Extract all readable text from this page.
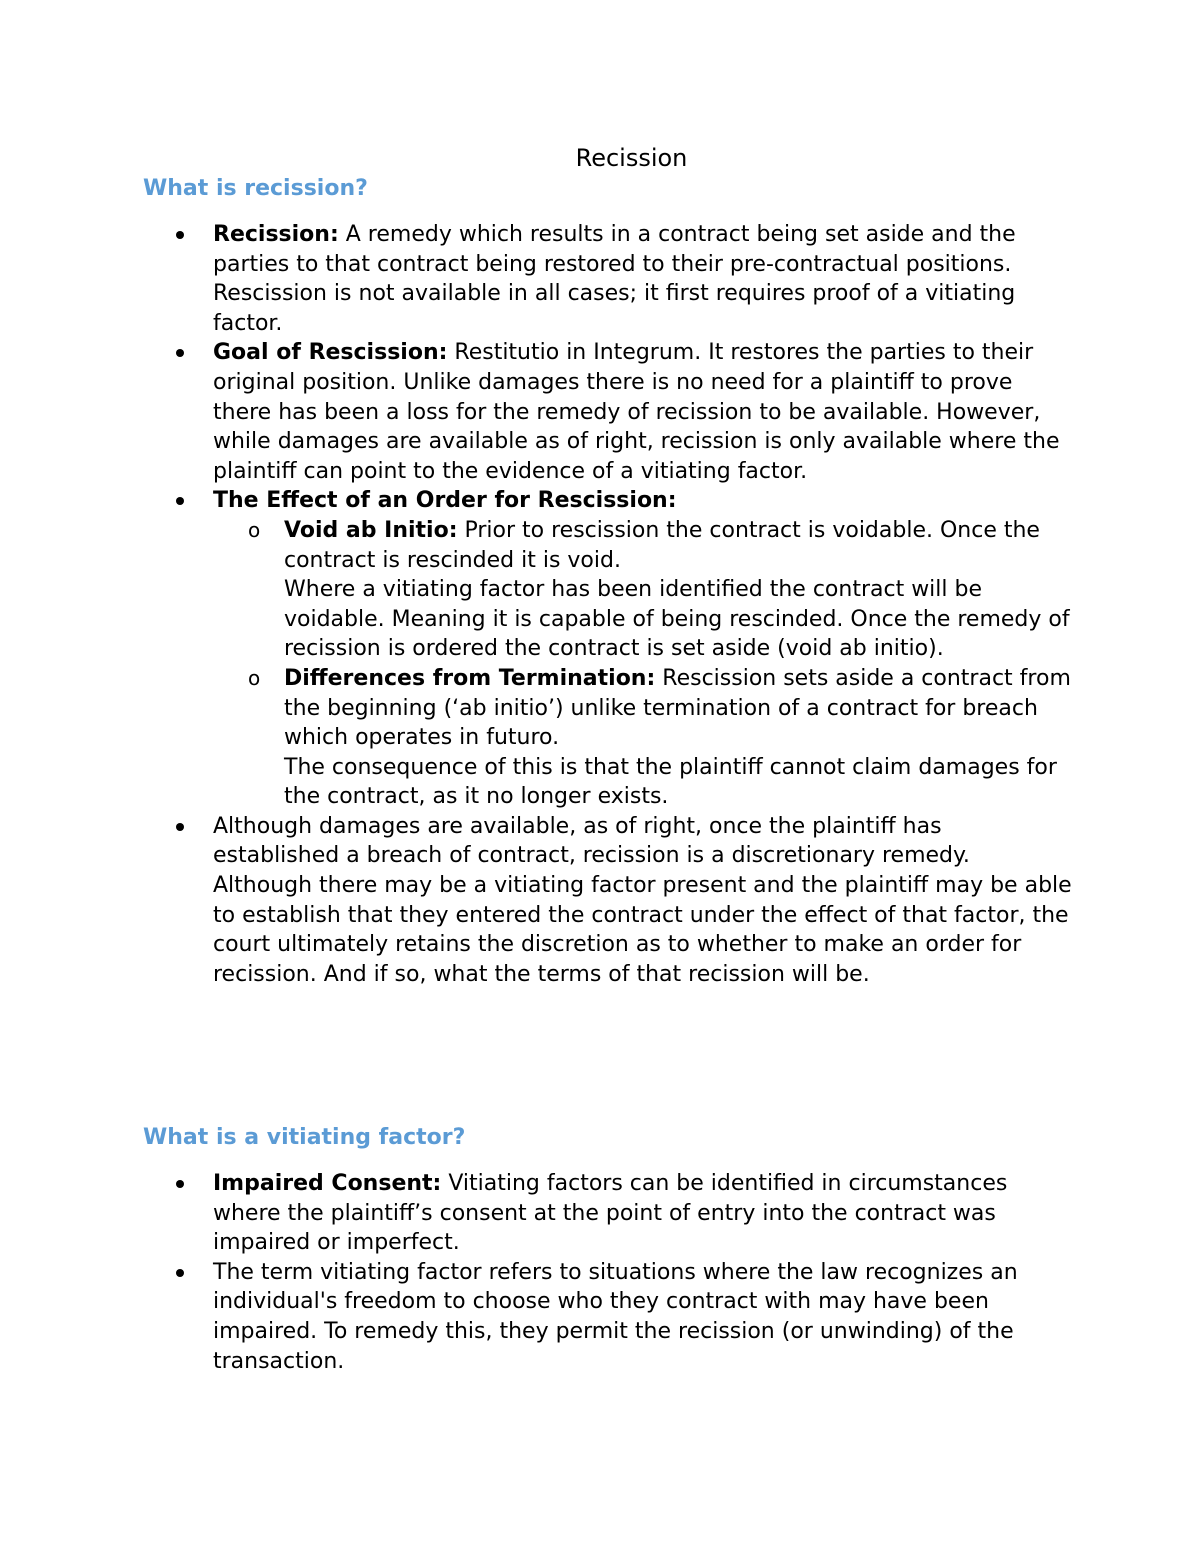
Recission
What is recission?
Recission: A remedy which results in a contract being set aside and the parties to that contract being restored to their pre-contractual positions. Rescission is not available in all cases; it first requires proof of a vitiating factor.
Goal of Rescission: Restitutio in Integrum. It restores the parties to their original position. Unlike damages there is no need for a plaintiff to prove there has been a loss for the remedy of recission to be available. However, while damages are available as of right, recission is only available where the plaintiff can point to the evidence of a vitiating factor.
The Effect of an Order for Rescission:
o Void ab Initio: Prior to rescission the contract is voidable. Once the contract is rescinded it is void.

Where a vitiating factor has been identified the contract will be voidable. Meaning it is capable of being rescinded. Once the remedy of recission is ordered the contract is set aside (void ab initio).

o Differences from Termination: Rescission sets aside a contract from the beginning (‘ab initio’) unlike termination of a contract for breach which operates in futuro.

The consequence of this is that the plaintiff cannot claim damages for the contract, as it no longer exists.

Although damages are available, as of right, once the plaintiff has established a breach of contract, recission is a discretionary remedy. Although there may be a vitiating factor present and the plaintiff may be able to establish that they entered the contract under the effect of that factor, the court ultimately retains the discretion as to whether to make an order for recission. And if so, what the terms of that recission will be.
What is a vitiating factor?
Impaired Consent: Vitiating factors can be identified in circumstances where the plaintiff’s consent at the point of entry into the contract was impaired or imperfect.
The term vitiating factor refers to situations where the law recognizes an individual's freedom to choose who they contract with may have been impaired. To remedy this, they permit the recission (or unwinding) of the transaction.
